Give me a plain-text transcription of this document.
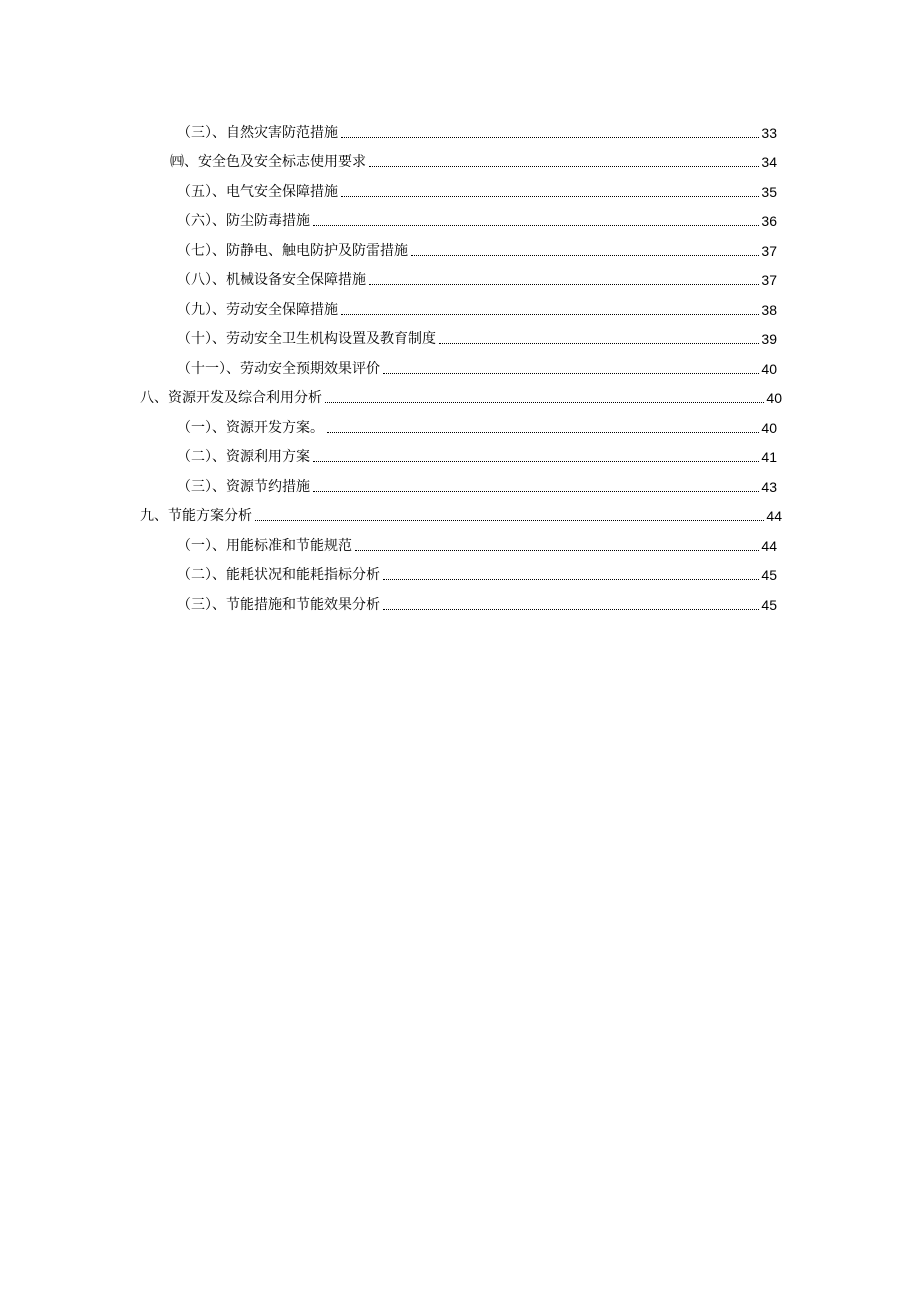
（三）、自然灾害防范措施	33
㈣、安全色及安全标志使用要求	34
（五）、电气安全保障措施	35
（六）、防尘防毒措施	36
（七）、防静电、触电防护及防雷措施	37
（八）、机械设备安全保障措施	37
（九）、劳动安全保障措施	38
（十）、劳动安全卫生机构设置及教育制度	39
（十一）、劳动安全预期效果评价	40
八、资源开发及综合利用分析	40
（一）、资源开发方案。	40
（二）、资源利用方案	41
（三）、资源节约措施	43
九、节能方案分析	44
（一）、用能标准和节能规范	44
（二）、能耗状况和能耗指标分析	45
（三）、节能措施和节能效果分析	45
